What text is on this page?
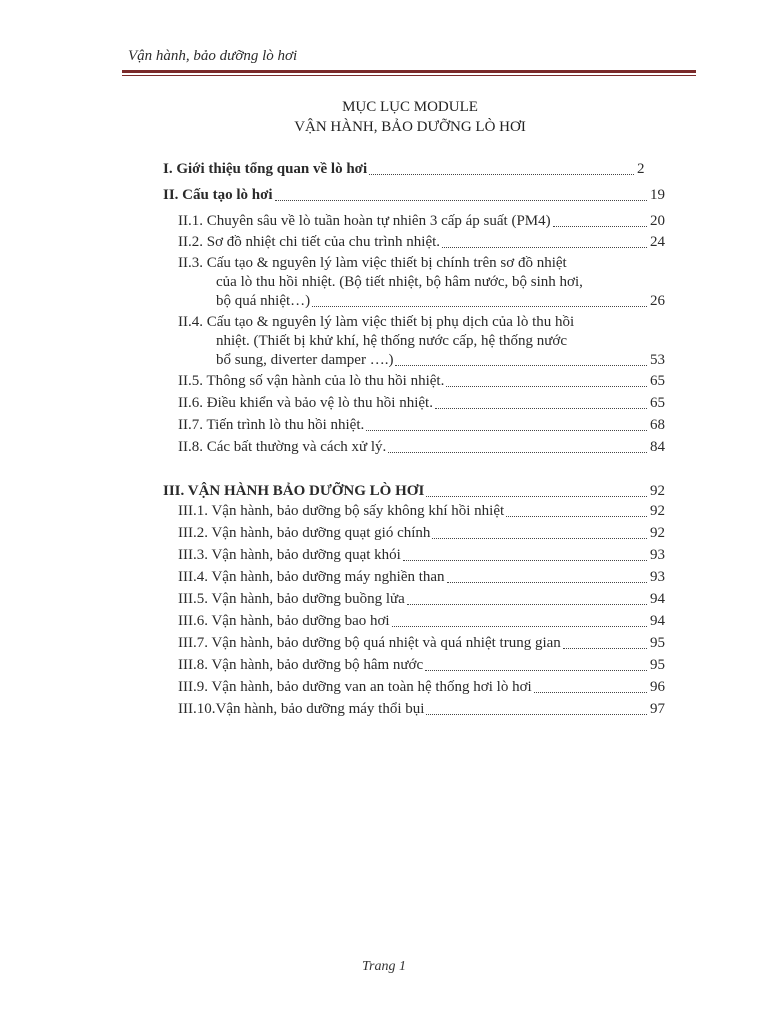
Vận hành, bảo dưỡng lò hơi
MỤC LỤC MODULE
VẬN HÀNH, BẢO DƯỠNG LÒ HƠI
I. Giới thiệu tổng quan về lò hơi	2
II. Cấu tạo lò hơi	19
II.1. Chuyên sâu về lò tuần hoàn tự nhiên 3 cấp áp suất (PM4)	20
II.2. Sơ đồ nhiệt chi tiết của chu trình nhiệt.	24
II.3. Cấu tạo & nguyên lý làm việc thiết bị chính trên sơ đồ nhiệt
của lò thu hồi nhiệt. (Bộ tiết nhiệt, bộ hâm nước, bộ sinh hơi,
bộ quá nhiệt…)	26
II.4. Cấu tạo & nguyên lý làm việc thiết bị phụ dịch của lò thu hồi
nhiệt. (Thiết bị khử khí, hệ thống nước cấp, hệ thống nước
bổ sung, diverter damper ….)	53
II.5. Thông số vận hành của lò thu hồi nhiệt.	65
II.6. Điều khiển và bảo vệ lò thu hồi nhiệt.	65
II.7. Tiến trình lò thu hồi nhiệt.	68
II.8. Các bất thường và cách xử lý.	84
III. VẬN HÀNH BẢO DƯỠNG LÒ HƠI	92
III.1. Vận hành, bảo dưỡng bộ sấy không khí hồi nhiệt	92
III.2. Vận hành, bảo dưỡng quạt gió chính	92
III.3. Vận hành, bảo dưỡng quạt khói	93
III.4. Vận hành, bảo dưỡng máy nghiền than	93
III.5. Vận hành, bảo dưỡng buồng lửa	94
III.6. Vận hành, bảo dưỡng bao hơi	94
III.7. Vận hành, bảo dưỡng bộ quá nhiệt và quá nhiệt trung gian	95
III.8. Vận hành, bảo dưỡng bộ hâm nước	95
III.9. Vận hành, bảo dưỡng van an toàn hệ thống hơi lò hơi	96
III.10.Vận hành, bảo dưỡng máy thổi bụi	97
Trang 1
